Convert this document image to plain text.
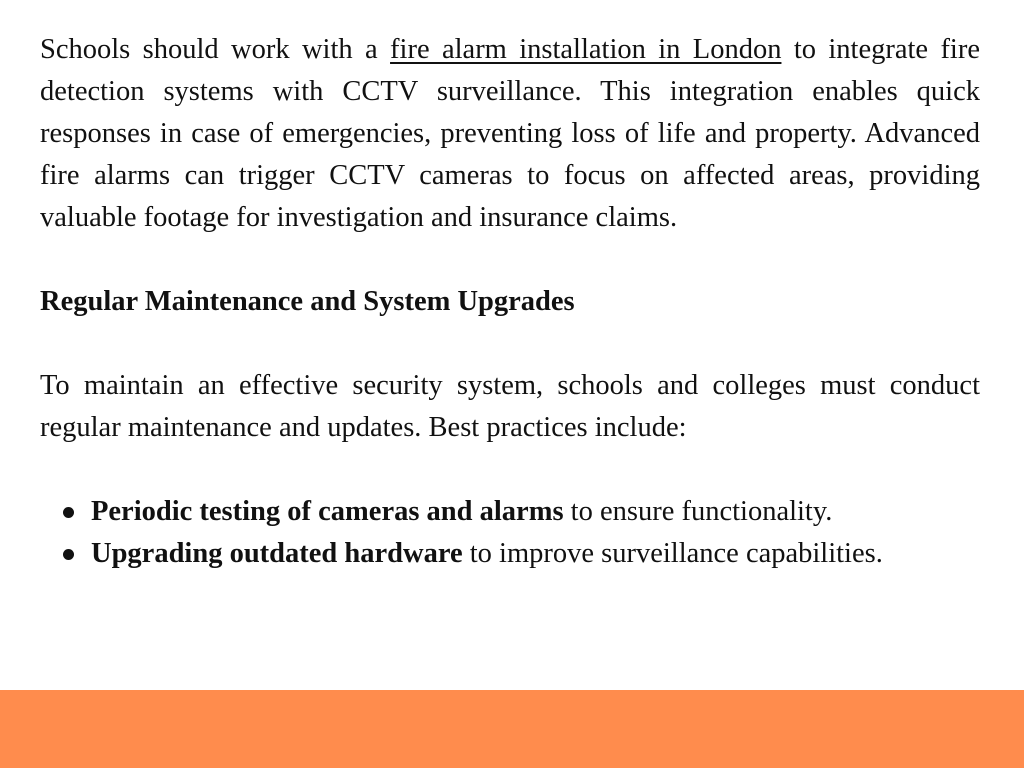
Schools should work with a fire alarm installation in London to integrate fire detection systems with CCTV surveillance. This integration enables quick responses in case of emergencies, preventing loss of life and property. Advanced fire alarms can trigger CCTV cameras to focus on affected areas, providing valuable footage for investigation and insurance claims.

Regular Maintenance and System Upgrades

To maintain an effective security system, schools and colleges must conduct regular maintenance and updates. Best practices include:

Periodic testing of cameras and alarms to ensure functionality.
Upgrading outdated hardware to improve surveillance capabilities.
